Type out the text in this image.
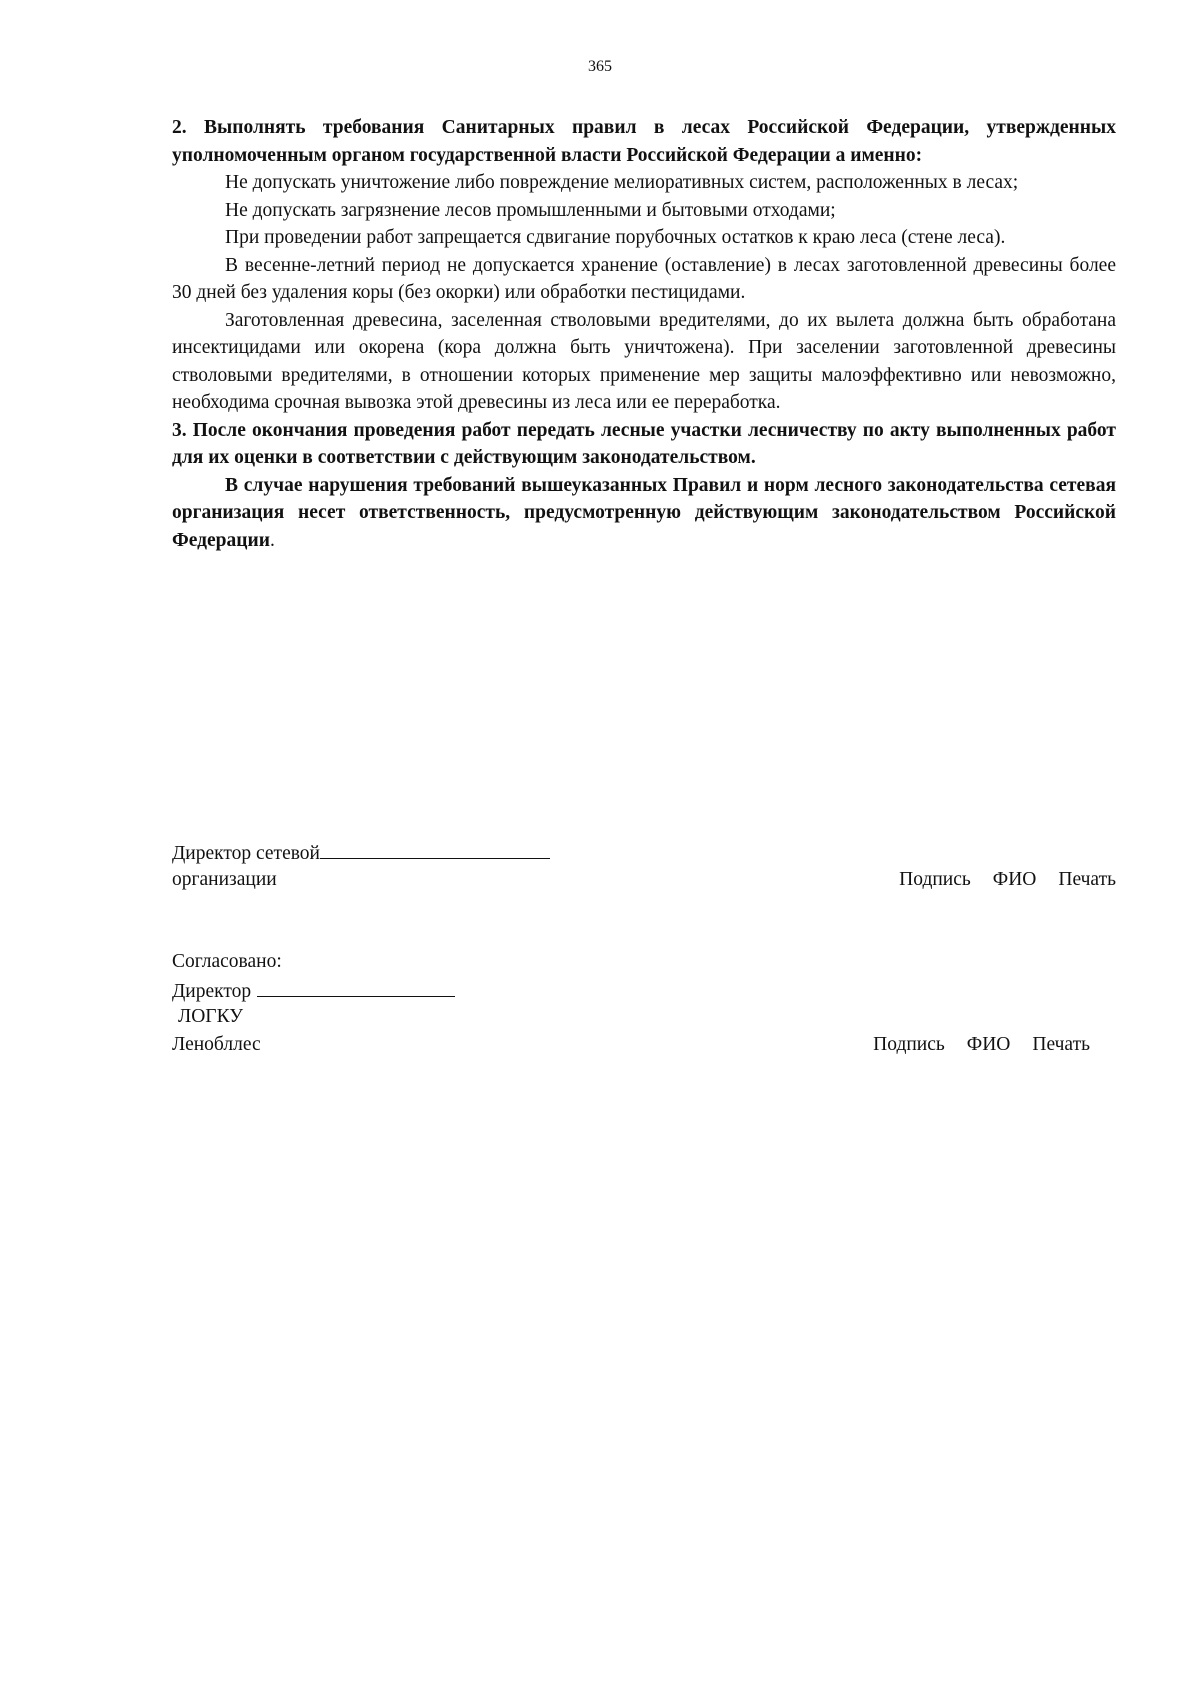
365

2. Выполнять требования Санитарных правил в лесах Российской Федерации, утвержденных уполномоченным органом государственной власти Российской Федерации а именно:

Не допускать уничтожение либо повреждение мелиоративных систем, расположенных в лесах;

Не допускать загрязнение лесов промышленными и бытовыми отходами;

При проведении работ запрещается сдвигание порубочных остатков к краю леса (стене леса).

В весенне-летний период не допускается хранение (оставление) в лесах заготовленной древесины более 30 дней без удаления коры (без окорки) или обработки пестицидами.

Заготовленная древесина, заселенная стволовыми вредителями, до их вылета должна быть обработана инсектицидами или окорена (кора должна быть уничтожена). При заселении заготовленной древесины стволовыми вредителями, в отношении которых применение мер защиты малоэффективно или невозможно, необходима срочная вывозка этой древесины из леса или ее переработка.

3. После окончания проведения работ передать лесные участки лесничеству по акту выполненных работ для их оценки в соответствии с действующим законодательством.

В случае нарушения требований вышеуказанных Правил и норм лесного законодательства сетевая организация несет ответственность, предусмотренную действующим законодательством Российской Федерации.

Директор сетевой
организации	Подпись ФИО Печать
Согласовано:
Директор
ЛОГКУ
Ленобллес	Подпись ФИО Печать
